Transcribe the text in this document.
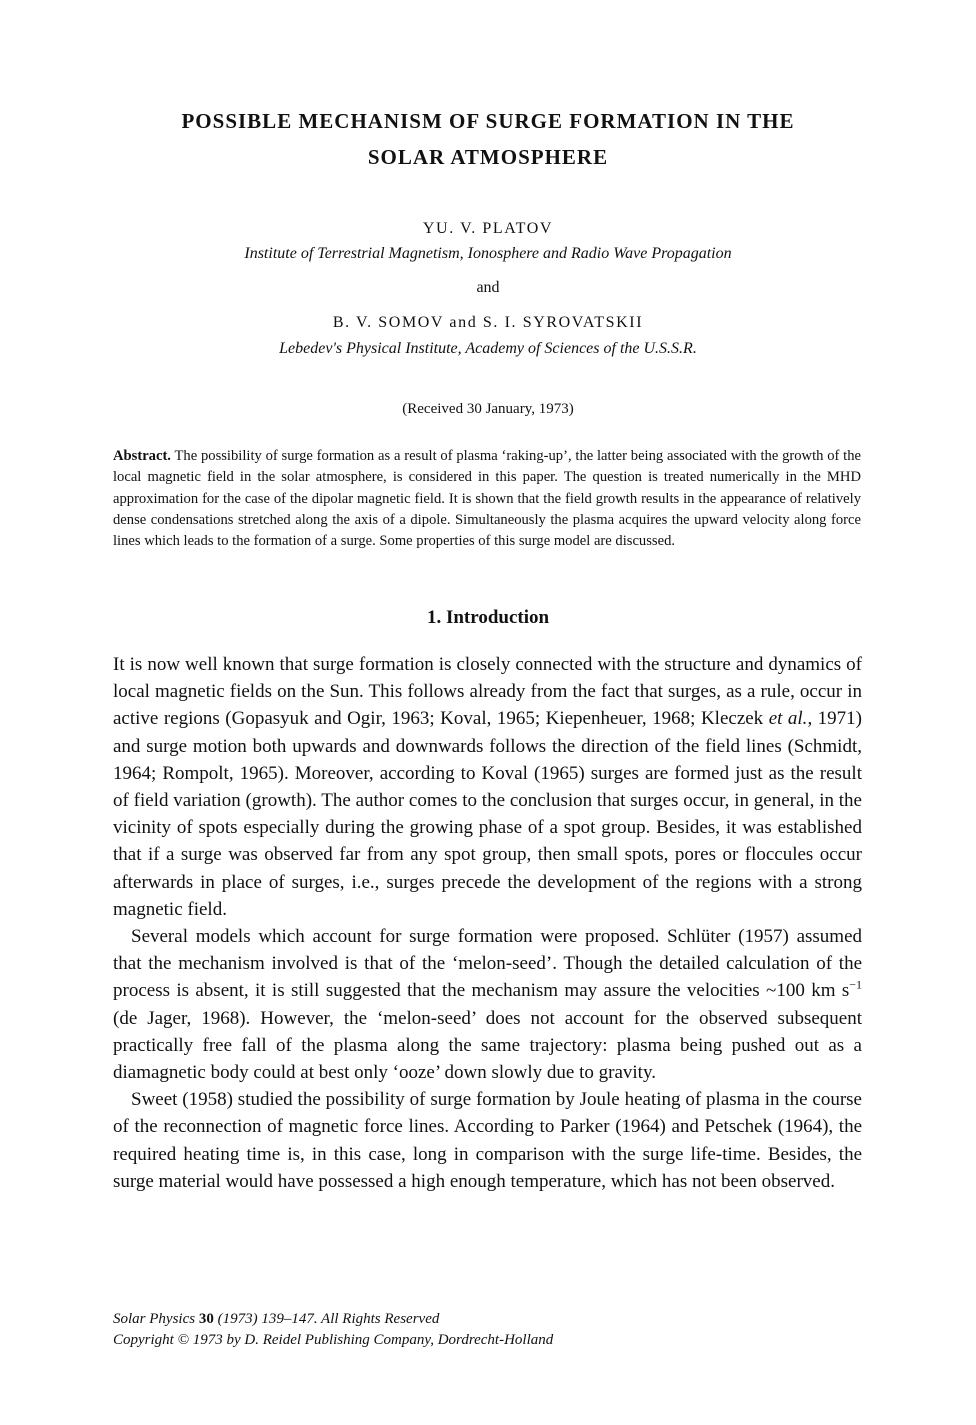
POSSIBLE MECHANISM OF SURGE FORMATION IN THE
SOLAR ATMOSPHERE

YU. V. PLATOV

Institute of Terrestrial Magnetism, Ionosphere and Radio Wave Propagation

and

B. V. SOMOV and S. I. SYROVATSKII

Lebedev's Physical Institute, Academy of Sciences of the U.S.S.R.

(Received 30 January, 1973)

Abstract. The possibility of surge formation as a result of plasma ‘raking-up’, the latter being associated with the growth of the local magnetic field in the solar atmosphere, is considered in this paper. The question is treated numerically in the MHD approximation for the case of the dipolar magnetic field. It is shown that the field growth results in the appearance of relatively dense condensations stretched along the axis of a dipole. Simultaneously the plasma acquires the upward velocity along force lines which leads to the formation of a surge. Some properties of this surge model are discussed.

1. Introduction

It is now well known that surge formation is closely connected with the structure and dynamics of local magnetic fields on the Sun. This follows already from the fact that surges, as a rule, occur in active regions (Gopasyuk and Ogir, 1963; Koval, 1965; Kiepenheuer, 1968; Kleczek et al., 1971) and surge motion both upwards and downwards follows the direction of the field lines (Schmidt, 1964; Rompolt, 1965). Moreover, according to Koval (1965) surges are formed just as the result of field variation (growth). The author comes to the conclusion that surges occur, in general, in the vicinity of spots especially during the growing phase of a spot group. Besides, it was established that if a surge was observed far from any spot group, then small spots, pores or floccules occur afterwards in place of surges, i.e., surges precede the development of the regions with a strong magnetic field.

Several models which account for surge formation were proposed. Schlüter (1957) assumed that the mechanism involved is that of the ‘melon-seed’. Though the detailed calculation of the process is absent, it is still suggested that the mechanism may assure the velocities ~100 km $s^{-1}$ (de Jager, 1968). However, the ‘melon-seed’ does not account for the observed subsequent practically free fall of the plasma along the same trajectory: plasma being pushed out as a diamagnetic body could at best only ‘ooze’ down slowly due to gravity.

Sweet (1958) studied the possibility of surge formation by Joule heating of plasma in the course of the reconnection of magnetic force lines. According to Parker (1964) and Petschek (1964), the required heating time is, in this case, long in comparison with the surge life-time. Besides, the surge material would have possessed a high enough temperature, which has not been observed.

Solar Physics 30 (1973) 139–147. All Rights Reserved
Copyright © 1973 by D. Reidel Publishing Company, Dordrecht-Holland
